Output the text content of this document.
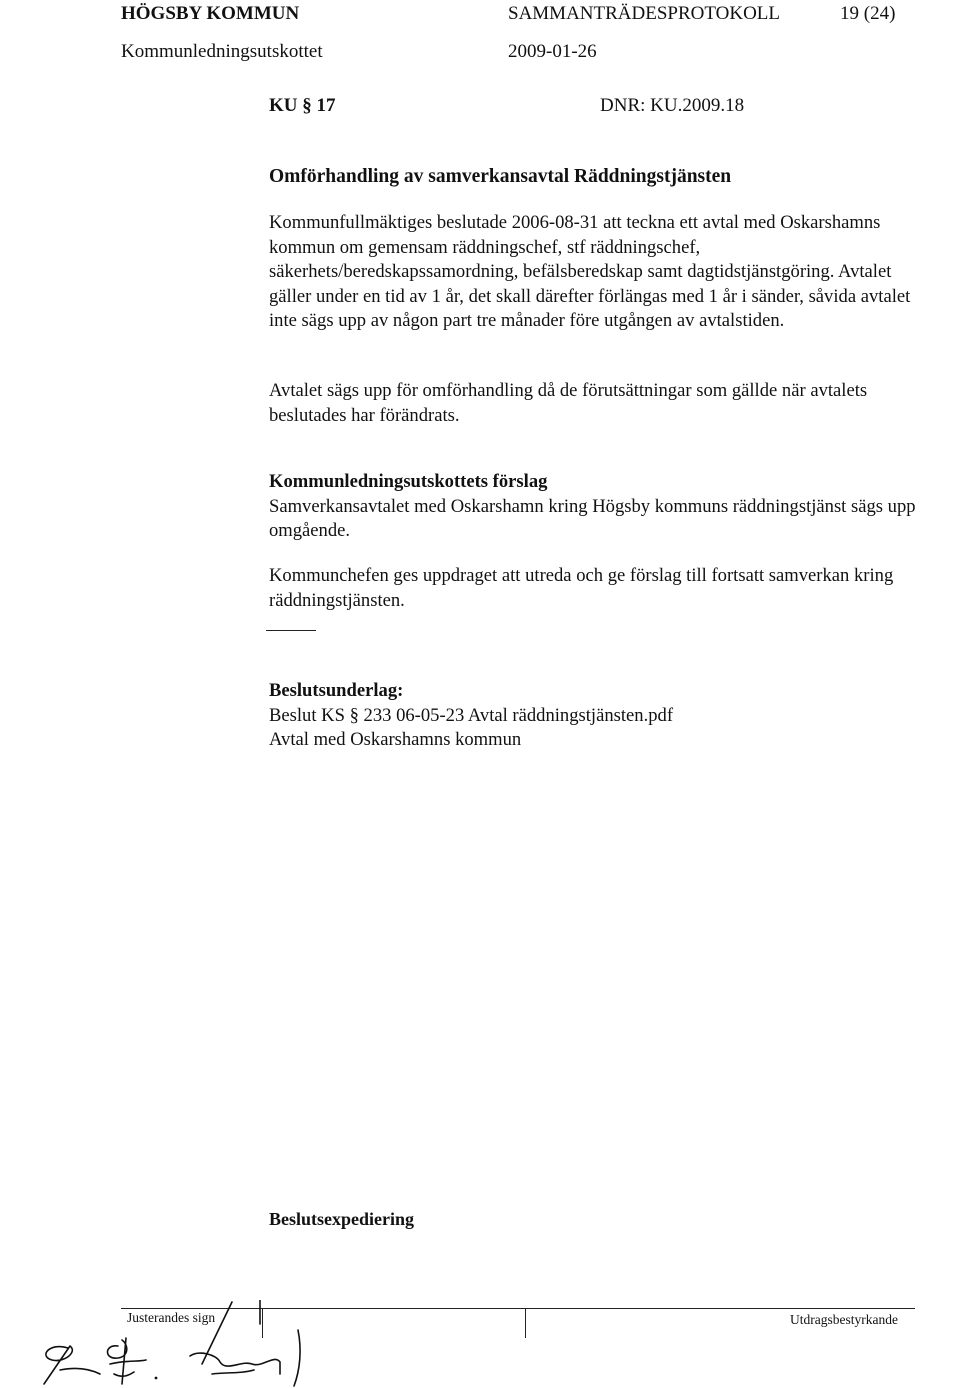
HÖGSBY KOMMUN	SAMMANTRÄDESPROTOKOLL	19 (24)
Kommunledningsutskottet	2009-01-26
KU § 17	DNR: KU.2009.18
Omförhandling av samverkansavtal Räddningstjänsten

Kommunfullmäktiges beslutade 2006-08-31 att teckna ett avtal med Oskarshamns kommun om gemensam räddningschef, stf räddningschef, säkerhets/beredskapssamordning, befälsberedskap samt dagtidstjänstgöring. Avtalet gäller under en tid av 1 år, det skall därefter förlängas med 1 år i sänder, såvida avtalet inte sägs upp av någon part tre månader före utgången av avtalstiden.

Avtalet sägs upp för omförhandling då de förutsättningar som gällde när avtalets beslutades har förändrats.

Kommunledningsutskottets förslag

Samverkansavtalet med Oskarshamn kring Högsby kommuns räddningstjänst sägs upp omgående.

Kommunchefen ges uppdraget att utreda och ge förslag till fortsatt samverkan kring räddningstjänsten.

Beslutsunderlag:

Beslut KS § 233 06-05-23 Avtal räddningstjänsten.pdf

Avtal med Oskarshamns kommun

Beslutsexpediering
Justerandes sign	Utdragsbestyrkande
